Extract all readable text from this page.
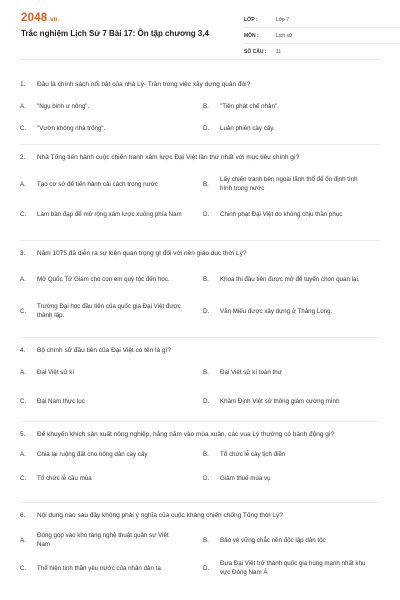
2048.vn
Trắc nghiệm Lịch Sử 7 Bài 17: Ôn tập chương 3,4
LỚP :	Lớp 7
MÔN :	Lịch sử
SỐ CÂU :	11
1.	Đâu là chính sách nổi bật của nhà Lý- Trần trong việc xây dựng quân đội?
A.	"Ngụ binh ư nông".	B.	"Tiên phát chế nhân".
C.	"Vườn không nhà trống".	D.	Luân phiên cày cấy.
2.	Nhà Tống tiến hành cuộc chiến tranh xâm lược Đại Việt lần thứ nhất với mục tiêu chính gì?
A.	Tạo cơ sở để tiến hành cải cách trong nước	B.
Lấy chiến tranh bên ngoài lãnh thổ để ổn định tình hình trong nước
C.	Làm bàn đạp để mở rộng xâm lược xuống phía Nam	D.	Chinh phạt Đại Việt do không chịu thần phục
3.	Năm 1075 đã diễn ra sự kiện quan trọng gì đối với nền giáo dục thời Lý?
A.	Mở Quốc Tử Giám cho con em quý tộc đến học.	B.	Khoa thi đầu tiên được mở để tuyển chọn quan lại.
C.
Trường Đại học đầu tiên của quốc gia Đại Việt được thành lập.
D.	Văn Miếu được xây dựng ở Thăng Long.
4.	Bộ chính sử đầu tiên của Đại Việt có tên là gì?
A.	Đại Việt sử kí	B.	Đại Việt sử kí toàn thư
C.	Đại Nam thực lục	D.	Khâm Định Việt sử thông giám cương mình
5.	Để khuyến khích sản xuất nông nghiệp, hằng năm vào mùa xuân, các vua Lý thường có hành động gì?
A.	Chia lại ruộng đất cho nông dân cày cấy	B.	Tổ chức lễ cày tịch điền
C.	Tổ chức lễ cầu mùa	D.	Giảm thuế mùa vụ
6.	Nội dung nào sau đây không phải ý nghĩa của cuộc kháng chiến chống Tống thời Lý?
A.
Đóng góp vào kho tàng nghệ thuật quân sự Việt Nam
B.	Bảo vệ vững chắc nền độc lập dân tộc
C.	Thể hiện tinh thần yêu nước của nhân dân ta	D.
Đưa Đại Việt trở thành quốc gia hùng mạnh nhất khu vực Đông Nam Á
